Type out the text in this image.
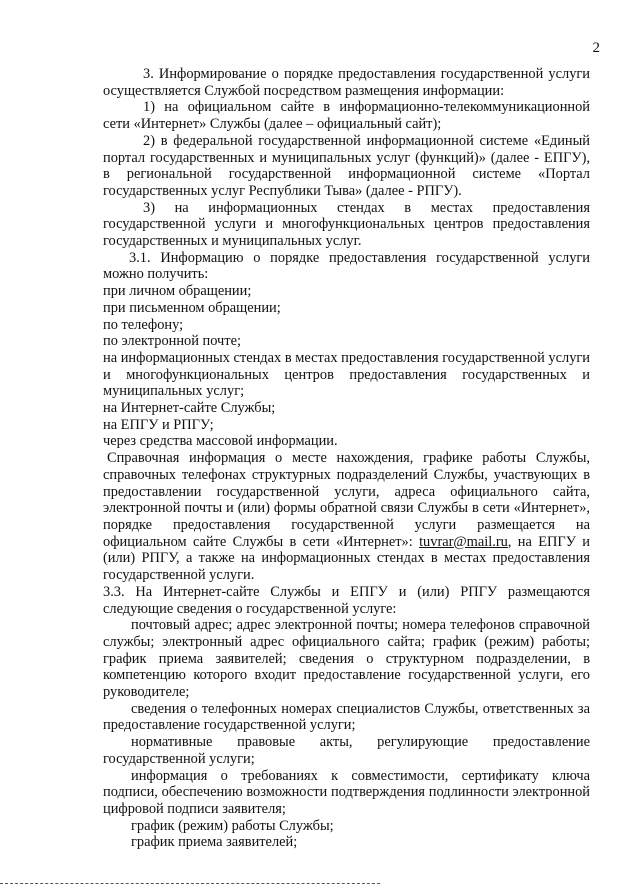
2

3. Информирование о порядке предоставления государственной услуги осуществляется Службой посредством размещения информации:

1) на официальном сайте в информационно-телекоммуникационной сети «Интернет» Службы (далее – официальный сайт);

2) в федеральной государственной информационной системе «Единый портал государственных и муниципальных услуг (функций)» (далее - ЕПГУ), в региональной государственной информационной системе «Портал государственных услуг Республики Тыва» (далее - РПГУ).

3) на информационных стендах в местах предоставления государственной услуги и многофункциональных центров предоставления государственных и муниципальных услуг.

3.1. Информацию о порядке предоставления государственной услуги можно получить:

при личном обращении;

при письменном обращении;

по телефону;

по электронной почте;

на информационных стендах в местах предоставления государственной услуги и многофункциональных центров предоставления государственных и муниципальных услуг;

на Интернет-сайте Службы;

на ЕПГУ и РПГУ;

через средства массовой информации.

Справочная информация о месте нахождения, графике работы Службы, справочных телефонах структурных подразделений Службы, участвующих в предоставлении государственной услуги, адреса официального сайта, электронной почты и (или) формы обратной связи Службы в сети «Интернет», порядке предоставления государственной услуги размещается на официальном сайте Службы в сети «Интернет»: tuvrar@mail.ru, на ЕПГУ и (или) РПГУ, а также на информационных стендах в местах предоставления государственной услуги.

3.3. На Интернет-сайте Службы и ЕПГУ и (или) РПГУ размещаются следующие сведения о государственной услуге:

почтовый адрес; адрес электронной почты; номера телефонов справочной службы; электронный адрес официального сайта; график (режим) работы; график приема заявителей; сведения о структурном подразделении, в компетенцию которого входит предоставление государственной услуги, его руководителе;

сведения о телефонных номерах специалистов Службы, ответственных за предоставление государственной услуги;

нормативные правовые акты, регулирующие предоставление государственной услуги;

информация о требованиях к совместимости, сертификату ключа подписи, обеспечению возможности подтверждения подлинности электронной цифровой подписи заявителя;

график (режим) работы Службы;

график приема заявителей;
